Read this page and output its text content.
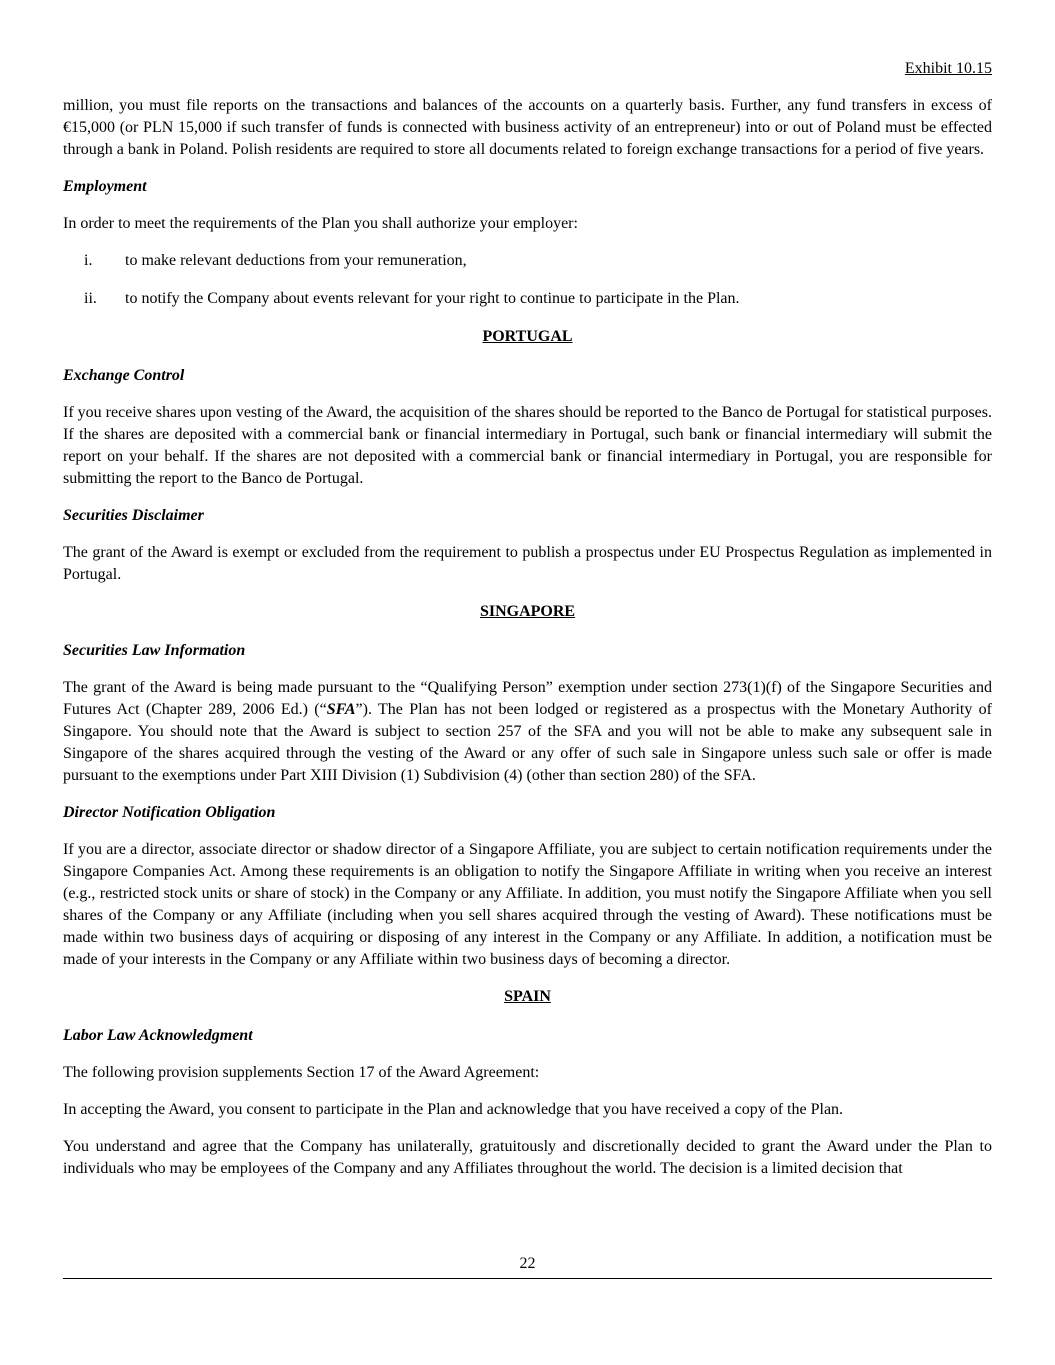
Exhibit 10.15

million, you must file reports on the transactions and balances of the accounts on a quarterly basis. Further, any fund transfers in excess of €15,000 (or PLN 15,000 if such transfer of funds is connected with business activity of an entrepreneur) into or out of Poland must be effected through a bank in Poland. Polish residents are required to store all documents related to foreign exchange transactions for a period of five years.

Employment

In order to meet the requirements of the Plan you shall authorize your employer:

i.	to make relevant deductions from your remuneration,
ii.	to notify the Company about events relevant for your right to continue to participate in the Plan.
PORTUGAL
Exchange Control

If you receive shares upon vesting of the Award, the acquisition of the shares should be reported to the Banco de Portugal for statistical purposes. If the shares are deposited with a commercial bank or financial intermediary in Portugal, such bank or financial intermediary will submit the report on your behalf. If the shares are not deposited with a commercial bank or financial intermediary in Portugal, you are responsible for submitting the report to the Banco de Portugal.

Securities Disclaimer

The grant of the Award is exempt or excluded from the requirement to publish a prospectus under EU Prospectus Regulation as implemented in Portugal.

SINGAPORE
Securities Law Information

The grant of the Award is being made pursuant to the “Qualifying Person” exemption under section 273(1)(f) of the Singapore Securities and Futures Act (Chapter 289, 2006 Ed.) (“SFA”). The Plan has not been lodged or registered as a prospectus with the Monetary Authority of Singapore. You should note that the Award is subject to section 257 of the SFA and you will not be able to make any subsequent sale in Singapore of the shares acquired through the vesting of the Award or any offer of such sale in Singapore unless such sale or offer is made pursuant to the exemptions under Part XIII Division (1) Subdivision (4) (other than section 280) of the SFA.

Director Notification Obligation

If you are a director, associate director or shadow director of a Singapore Affiliate, you are subject to certain notification requirements under the Singapore Companies Act. Among these requirements is an obligation to notify the Singapore Affiliate in writing when you receive an interest (e.g., restricted stock units or share of stock) in the Company or any Affiliate. In addition, you must notify the Singapore Affiliate when you sell shares of the Company or any Affiliate (including when you sell shares acquired through the vesting of Award). These notifications must be made within two business days of acquiring or disposing of any interest in the Company or any Affiliate. In addition, a notification must be made of your interests in the Company or any Affiliate within two business days of becoming a director.

SPAIN
Labor Law Acknowledgment

The following provision supplements Section 17 of the Award Agreement:

In accepting the Award, you consent to participate in the Plan and acknowledge that you have received a copy of the Plan.

You understand and agree that the Company has unilaterally, gratuitously and discretionally decided to grant the Award under the Plan to individuals who may be employees of the Company and any Affiliates throughout the world. The decision is a limited decision that

22
